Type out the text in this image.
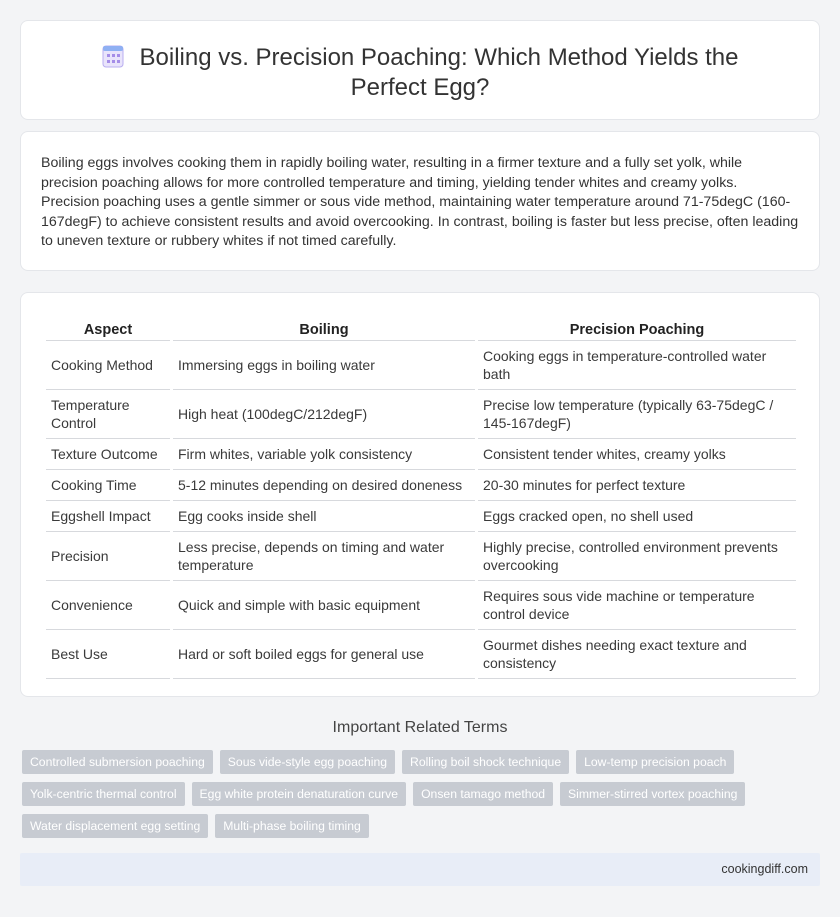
Boiling vs. Precision Poaching: Which Method Yields the Perfect Egg?

Boiling eggs involves cooking them in rapidly boiling water, resulting in a firmer texture and a fully set yolk, while precision poaching allows for more controlled temperature and timing, yielding tender whites and creamy yolks. Precision poaching uses a gentle simmer or sous vide method, maintaining water temperature around 71-75degC (160-167degF) to achieve consistent results and avoid overcooking. In contrast, boiling is faster but less precise, often leading to uneven texture or rubbery whites if not timed carefully.

Aspect	Boiling	Precision Poaching
Cooking Method	Immersing eggs in boiling water	Cooking eggs in temperature-controlled water bath
Temperature Control	High heat (100degC/212degF)	Precise low temperature (typically 63-75degC / 145-167degF)
Texture Outcome	Firm whites, variable yolk consistency	Consistent tender whites, creamy yolks
Cooking Time	5-12 minutes depending on desired doneness	20-30 minutes for perfect texture
Eggshell Impact	Egg cooks inside shell	Eggs cracked open, no shell used
Precision	Less precise, depends on timing and water temperature	Highly precise, controlled environment prevents overcooking
Convenience	Quick and simple with basic equipment	Requires sous vide machine or temperature control device
Best Use	Hard or soft boiled eggs for general use	Gourmet dishes needing exact texture and consistency
Important Related Terms
Controlled submersion poaching	Sous vide-style egg poaching	Rolling boil shock technique	Low-temp precision poach
Yolk-centric thermal control	Egg white protein denaturation curve	Onsen tamago method	Simmer-stirred vortex poaching
Water displacement egg setting	Multi-phase boiling timing
cookingdiff.com
